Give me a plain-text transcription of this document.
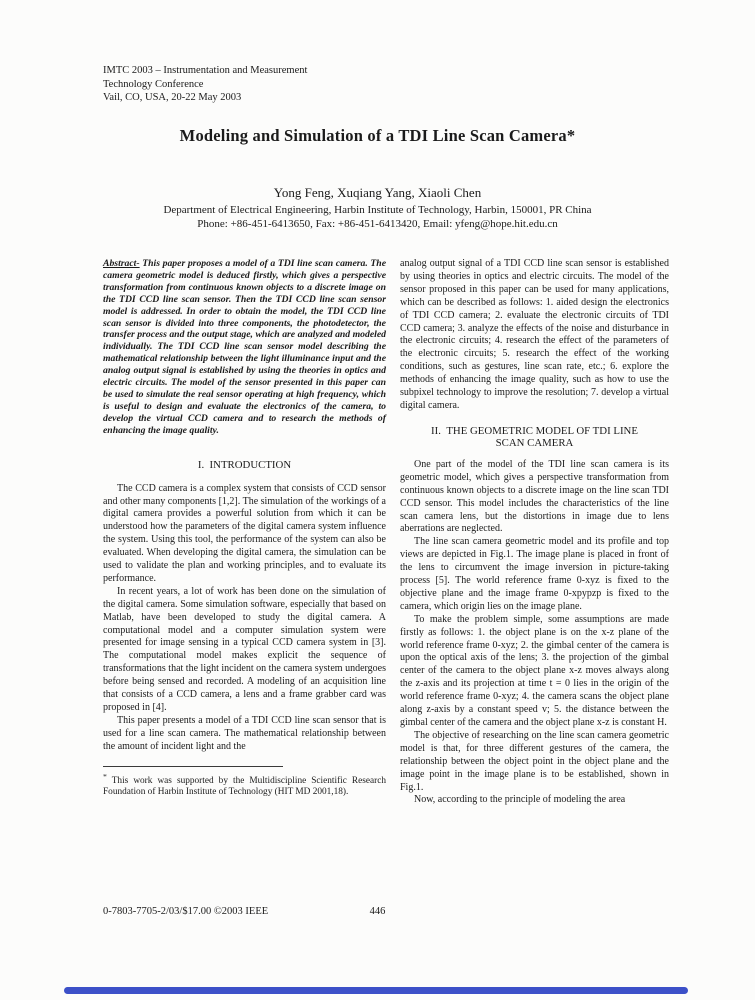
IMTC 2003 – Instrumentation and Measurement
Technology Conference
Vail, CO, USA, 20-22 May 2003
Modeling and Simulation of a TDI Line Scan Camera*
Yong Feng, Xuqiang Yang, Xiaoli Chen
Department of Electrical Engineering, Harbin Institute of Technology, Harbin, 150001, PR China
Phone: +86-451-6413650, Fax: +86-451-6413420, Email: yfeng@hope.hit.edu.cn

Abstract- This paper proposes a model of a TDI line scan camera. The camera geometric model is deduced firstly, which gives a perspective transformation from continuous known objects to a discrete image on the TDI CCD line scan sensor. Then the TDI CCD line scan sensor model is addressed. In order to obtain the model, the TDI CCD line scan sensor is divided into three components, the photodetector, the transfer process and the output stage, which are analyzed and modeled individually. The TDI CCD line scan sensor model describing the mathematical relationship between the light illuminance input and the analog output signal is established by using the theories in optics and electric circuits. The model of the sensor presented in this paper can be used to simulate the real sensor operating at high frequency, which is useful to design and evaluate the electronics of the camera, to develop the virtual CCD camera and to research the methods of enhancing the image quality.

I.  INTRODUCTION

The CCD camera is a complex system that consists of CCD sensor and other many components [1,2]. The simulation of the workings of a digital camera provides a powerful solution from which it can be understood how the parameters of the digital camera system influence the system. Using this tool, the performance of the system can also be evaluated. When developing the digital camera, the simulation can be used to validate the plan and working principles, and to evaluate its performance.

In recent years, a lot of work has been done on the simulation of the digital camera. Some simulation software, especially that based on Matlab, have been developed to study the digital camera. A computational model and a computer simulation system were presented for image sensing in a typical CCD camera system in [3]. The computational model makes explicit the sequence of transformations that the light incident on the camera system undergoes before being sensed and recorded. A modeling of an acquisition line that consists of a CCD camera, a lens and a frame grabber card was proposed in [4].

This paper presents a model of a TDI CCD line scan sensor that is used for a line scan camera. The mathematical relationship between the amount of incident light and the

* This work was supported by the Multidiscipline Scientific Research Foundation of Harbin Institute of Technology (HIT MD 2001,18).

analog output signal of a TDI CCD line scan sensor is established by using theories in optics and electric circuits. The model of the sensor proposed in this paper can be used for many applications, which can be described as follows: 1. aided design the electronics of TDI CCD camera; 2. evaluate the electronic circuits of TDI CCD camera; 3. analyze the effects of the noise and disturbance in the electronic circuits; 4. research the effect of the parameters of the electronic circuits; 5. research the effect of the working conditions, such as gestures, line scan rate, etc.; 6. explore the methods of enhancing the image quality, such as how to use the subpixel technology to improve the resolution; 7. develop a virtual digital camera.

II.  THE GEOMETRIC MODEL OF TDI LINE
SCAN CAMERA

One part of the model of the TDI line scan camera is its geometric model, which gives a perspective transformation from continuous known objects to a discrete image on the line scan TDI CCD sensor. This model includes the characteristics of the line scan camera lens, but the distortions in image due to lens aberrations are neglected.

The line scan camera geometric model and its profile and top views are depicted in Fig.1. The image plane is placed in front of the lens to circumvent the image inversion in picture-taking process [5]. The world reference frame 0-xyz is fixed to the objective plane and the image frame 0-xpypzp is fixed to the camera, which origin lies on the image plane.

To make the problem simple, some assumptions are made firstly as follows: 1. the object plane is on the x-z plane of the world reference frame 0-xyz; 2. the gimbal center of the camera is upon the optical axis of the lens; 3. the projection of the gimbal center of the camera to the object plane x-z moves always along the z-axis and its projection at time t = 0 lies in the origin of the world reference frame 0-xyz; 4. the camera scans the object plane along z-axis by a constant speed v; 5. the distance between the gimbal center of the camera and the object plane x-z is constant H.

The objective of researching on the line scan camera geometric model is that, for three different gestures of the camera, the relationship between the object point in the object plane and the image point in the image plane is to be established, shown in Fig.1.

Now, according to the principle of modeling the area

0-7803-7705-2/03/$17.00 ©2003 IEEE	446
